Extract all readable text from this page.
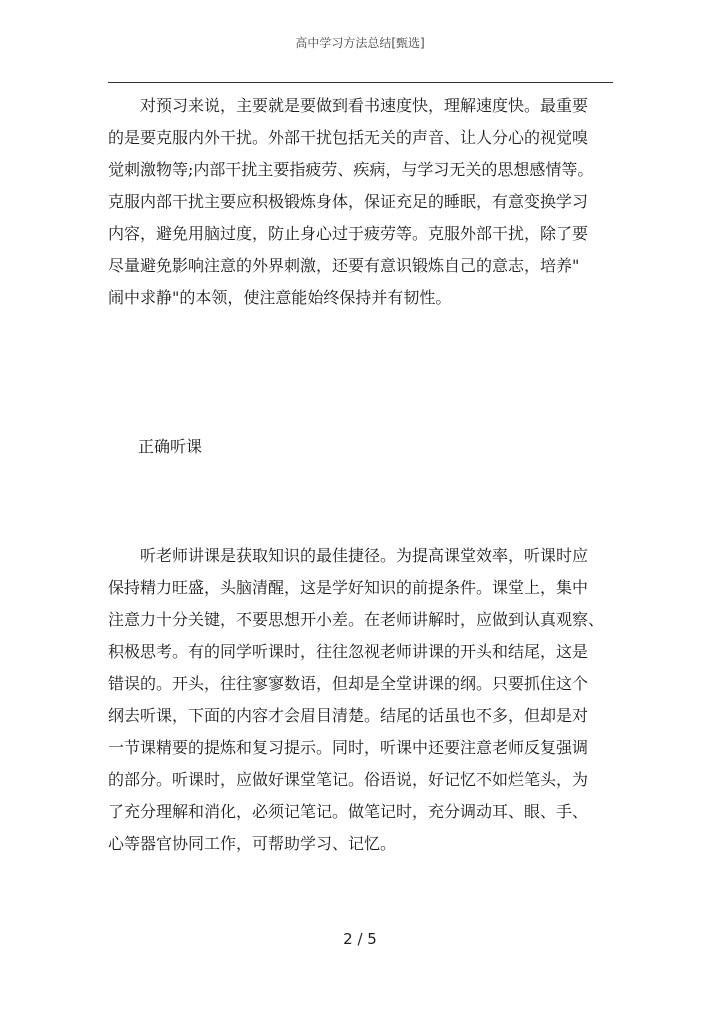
高中学习方法总结[甄选]
　　对预习来说，主要就是要做到看书速度快，理解速度快。最重要
的是要克服内外干扰。外部干扰包括无关的声音、让人分心的视觉嗅
觉刺激物等;内部干扰主要指疲劳、疾病，与学习无关的思想感情等。
克服内部干扰主要应积极锻炼身体，保证充足的睡眠，有意变换学习
内容，避免用脑过度，防止身心过于疲劳等。克服外部干扰，除了要
尽量避免影响注意的外界刺激，还要有意识锻炼自己的意志，培养"
闹中求静"的本领，使注意能始终保持并有韧性。
正确听课
　　听老师讲课是获取知识的最佳捷径。为提高课堂效率，听课时应
保持精力旺盛，头脑清醒，这是学好知识的前提条件。课堂上，集中
注意力十分关键，不要思想开小差。在老师讲解时，应做到认真观察、
积极思考。有的同学听课时，往往忽视老师讲课的开头和结尾，这是
错误的。开头，往往寥寥数语，但却是全堂讲课的纲。只要抓住这个
纲去听课，下面的内容才会眉目清楚。结尾的话虽也不多，但却是对
一节课精要的提炼和复习提示。同时，听课中还要注意老师反复强调
的部分。听课时，应做好课堂笔记。俗语说，好记忆不如烂笔头，为
了充分理解和消化，必须记笔记。做笔记时，充分调动耳、眼、手、
心等器官协同工作，可帮助学习、记忆。
2 / 5
